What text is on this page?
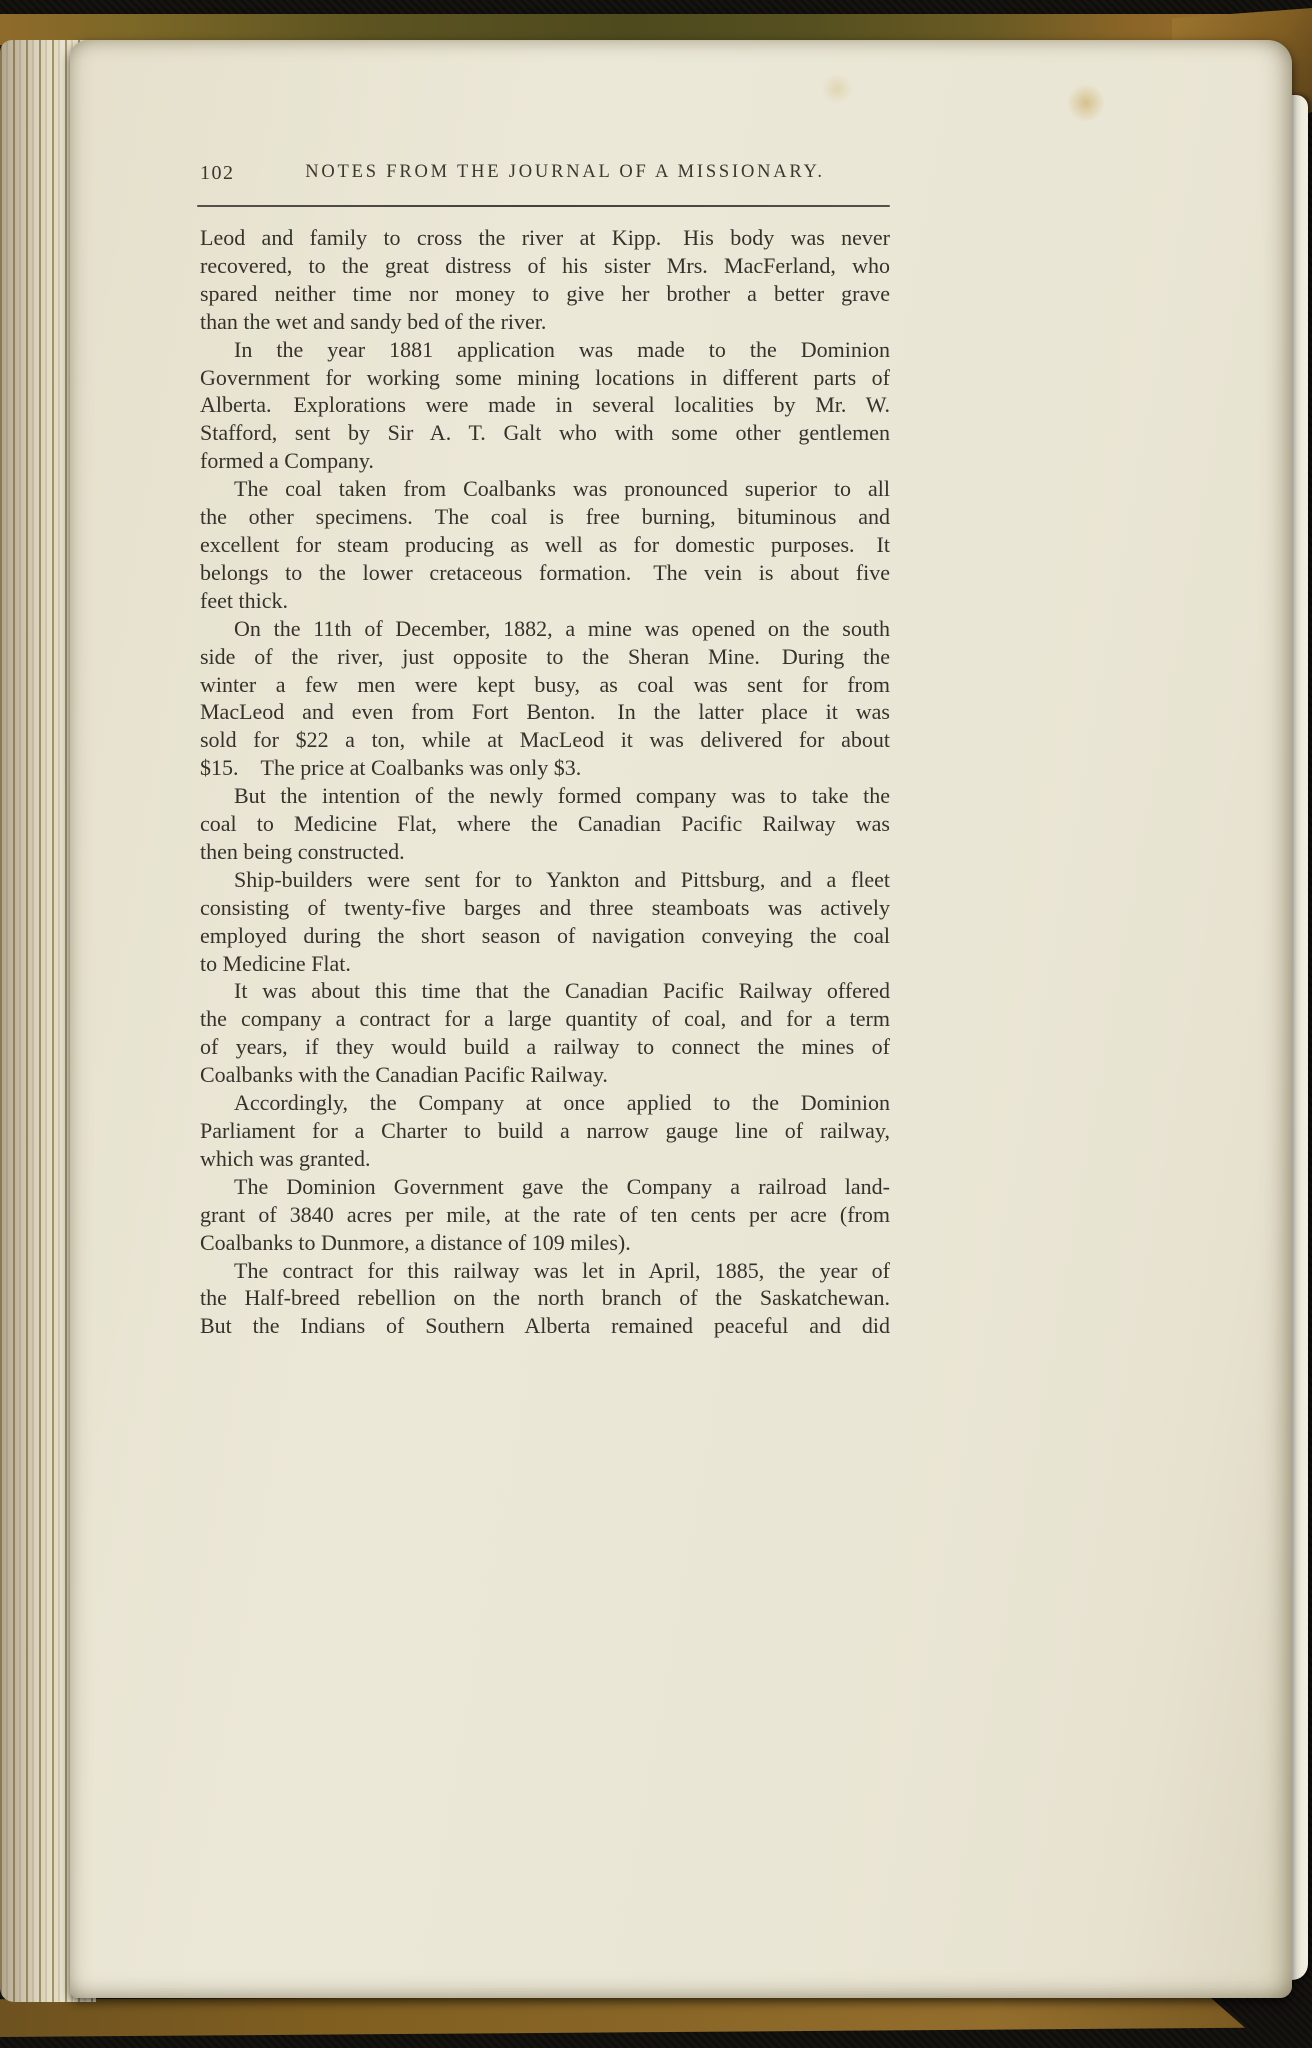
102	NOTES FROM THE JOURNAL OF A MISSIONARY.
Leod and family to cross the river at Kipp. His body was never
recovered, to the great distress of his sister Mrs. MacFerland, who
spared neither time nor money to give her brother a better grave
than the wet and sandy bed of the river.
In the year 1881 application was made to the Dominion
Government for working some mining locations in different parts of
Alberta. Explorations were made in several localities by Mr. W.
Stafford, sent by Sir A. T. Galt who with some other gentlemen
formed a Company.
The coal taken from Coalbanks was pronounced superior to all
the other specimens. The coal is free burning, bituminous and
excellent for steam producing as well as for domestic purposes. It
belongs to the lower cretaceous formation. The vein is about five
feet thick.
On the 11th of December, 1882, a mine was opened on the south
side of the river, just opposite to the Sheran Mine. During the
winter a few men were kept busy, as coal was sent for from
MacLeod and even from Fort Benton. In the latter place it was
sold for $22 a ton, while at MacLeod it was delivered for about
$15. The price at Coalbanks was only $3.
But the intention of the newly formed company was to take the
coal to Medicine Flat, where the Canadian Pacific Railway was
then being constructed.
Ship-builders were sent for to Yankton and Pittsburg, and a fleet
consisting of twenty-five barges and three steamboats was actively
employed during the short season of navigation conveying the coal
to Medicine Flat.
It was about this time that the Canadian Pacific Railway offered
the company a contract for a large quantity of coal, and for a term
of years, if they would build a railway to connect the mines of
Coalbanks with the Canadian Pacific Railway.
Accordingly, the Company at once applied to the Dominion
Parliament for a Charter to build a narrow gauge line of railway,
which was granted.
The Dominion Government gave the Company a railroad land-
grant of 3840 acres per mile, at the rate of ten cents per acre (from
Coalbanks to Dunmore, a distance of 109 miles).
The contract for this railway was let in April, 1885, the year of
the Half-breed rebellion on the north branch of the Saskatchewan.
But the Indians of Southern Alberta remained peaceful and did
